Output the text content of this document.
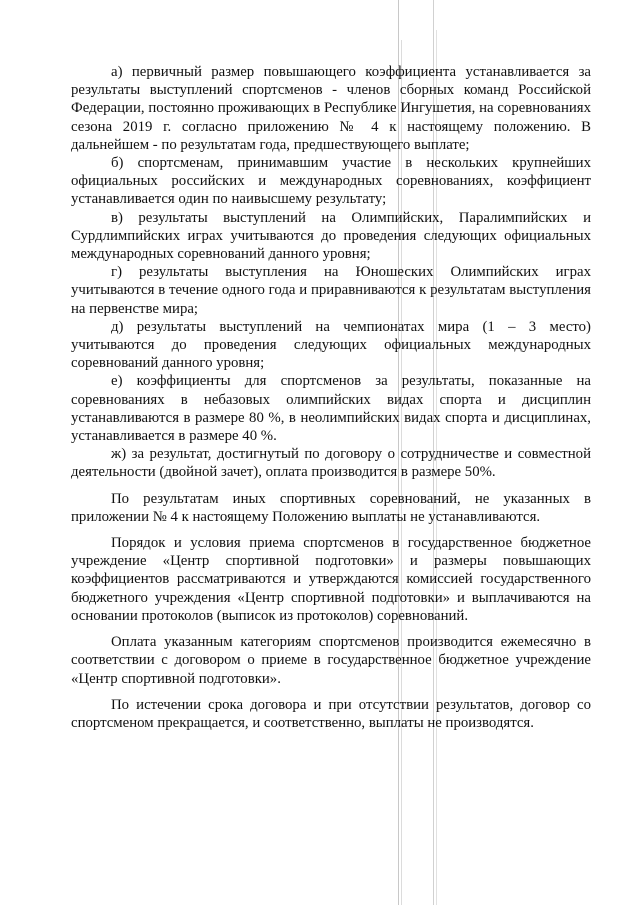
а) первичный размер повышающего коэффициента устанавливается за результаты выступлений спортсменов - членов сборных команд Российской Федерации, постоянно проживающих в Республике Ингушетия, на соревнованиях сезона 2019 г. согласно приложению № 4 к настоящему положению. В дальнейшем - по результатам года, предшествующего выплате;

б) спортсменам, принимавшим участие в нескольких крупнейших официальных российских и международных соревнованиях, коэффициент устанавливается один по наивысшему результату;

в) результаты выступлений на Олимпийских, Паралимпийских и Сурдлимпийских играх учитываются до проведения следующих официальных международных соревнований данного уровня;

г) результаты выступления на Юношеских Олимпийских играх учитываются в течение одного года и приравниваются к результатам выступления на первенстве мира;

д) результаты выступлений на чемпионатах мира (1 – 3 место) учитываются до проведения следующих официальных международных соревнований данного уровня;

е) коэффициенты для спортсменов за результаты, показанные на соревнованиях в небазовых олимпийских видах спорта и дисциплин устанавливаются в размере 80 %, в неолимпийских видах спорта и дисциплинах, устанавливается в размере 40 %.

ж) за результат, достигнутый по договору о сотрудничестве и совместной деятельности (двойной зачет), оплата производится в размере 50%.

По результатам иных спортивных соревнований, не указанных в приложении № 4 к настоящему Положению выплаты не устанавливаются.

Порядок и условия приема спортсменов в государственное бюджетное учреждение «Центр спортивной подготовки» и размеры повышающих коэффициентов рассматриваются и утверждаются комиссией государственного бюджетного учреждения «Центр спортивной подготовки» и выплачиваются на основании протоколов (выписок из протоколов) соревнований.

Оплата указанным категориям спортсменов производится ежемесячно в соответствии с договором о приеме в государственное бюджетное учреждение «Центр спортивной подготовки».

По истечении срока договора и при отсутствии результатов, договор со спортсменом прекращается, и соответственно, выплаты не производятся.
